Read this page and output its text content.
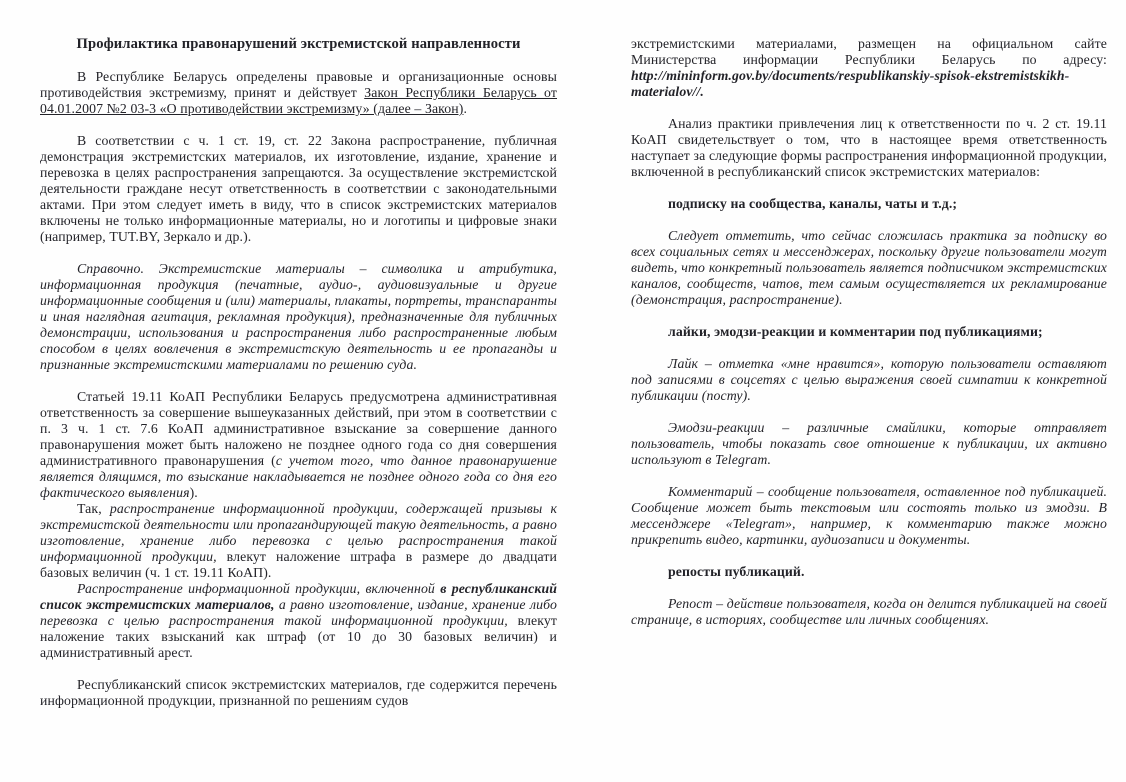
Профилактика правонарушений экстремистской направленности

В Республике Беларусь определены правовые и организационные основы противодействия экстремизму, принят и действует Закон Республики Беларусь от 04.01.2007 №2 03-3 «О противодействии экстремизму» (далее – Закон).

В соответствии с ч. 1 ст. 19, ст. 22 Закона распространение, публичная демонстрация экстремистских материалов, их изготовление, издание, хранение и перевозка в целях распространения запрещаются. За осуществление экстремистской деятельности граждане несут ответственность в соответствии с законодательными актами. При этом следует иметь в виду, что в список экстремистских материалов включены не только информационные материалы, но и логотипы и цифровые знаки (например, TUT.BY, Зеркало и др.).

Справочно. Экстремистские материалы – символика и атрибутика, информационная продукция (печатные, аудио-, аудиовизуальные и другие информационные сообщения и (или) материалы, плакаты, портреты, транспаранты и иная наглядная агитация, рекламная продукция), предназначенные для публичных демонстрации, использования и распространения либо распространенные любым способом в целях вовлечения в экстремистскую деятельность и ее пропаганды и признанные экстремистскими материалами по решению суда.

Статьей 19.11 КоАП Республики Беларусь предусмотрена административная ответственность за совершение вышеуказанных действий, при этом в соответствии с п. 3 ч. 1 ст. 7.6 КоАП административное взыскание за совершение данного правонарушения может быть наложено не позднее одного года со дня совершения административного правонарушения (с учетом того, что данное правонарушение является длящимся, то взыскание накладывается не позднее одного года со дня его фактического выявления).

Так, распространение информационной продукции, содержащей призывы к экстремистской деятельности или пропагандирующей такую деятельность, а равно изготовление, хранение либо перевозка с целью распространения такой информационной продукции, влекут наложение штрафа в размере до двадцати базовых величин (ч. 1 ст. 19.11 КоАП).

Распространение информационной продукции, включенной в республиканский список экстремистских материалов, а равно изготовление, издание, хранение либо перевозка с целью распространения такой информационной продукции, влекут наложение таких взысканий как штраф (от 10 до 30 базовых величин) и административный арест.

Республиканский список экстремистских материалов, где содержится перечень информационной продукции, признанной по решениям судов

экстремистскими материалами, размещен на официальном сайте Министерства информации Республики Беларусь по адресу: http://mininform.gov.by/documents/respublikanskiy-spisok-ekstremistskikh-materialov//.

Анализ практики привлечения лиц к ответственности по ч. 2 ст. 19.11 КоАП свидетельствует о том, что в настоящее время ответственность наступает за следующие формы распространения информационной продукции, включенной в республиканский список экстремистских материалов:

подписку на сообщества, каналы, чаты и т.д.;

Следует отметить, что сейчас сложилась практика за подписку во всех социальных сетях и мессенджерах, поскольку другие пользователи могут видеть, что конкретный пользователь является подписчиком экстремистских каналов, сообществ, чатов, тем самым осуществляется их рекламирование (демонстрация, распространение).

лайки, эмодзи-реакции и комментарии под публикациями;

Лайк – отметка «мне нравится», которую пользователи оставляют под записями в соцсетях с целью выражения своей симпатии к конкретной публикации (посту).

Эмодзи-реакции – различные смайлики, которые отправляет пользователь, чтобы показать свое отношение к публикации, их активно используют в Telegram.

Комментарий – сообщение пользователя, оставленное под публикацией. Сообщение может быть текстовым или состоять только из эмодзи. В мессенджере «Telegram», например, к комментарию также можно прикрепить видео, картинки, аудиозаписи и документы.

репосты публикаций.

Репост – действие пользователя, когда он делится публикацией на своей странице, в историях, сообществе или личных сообщениях.
